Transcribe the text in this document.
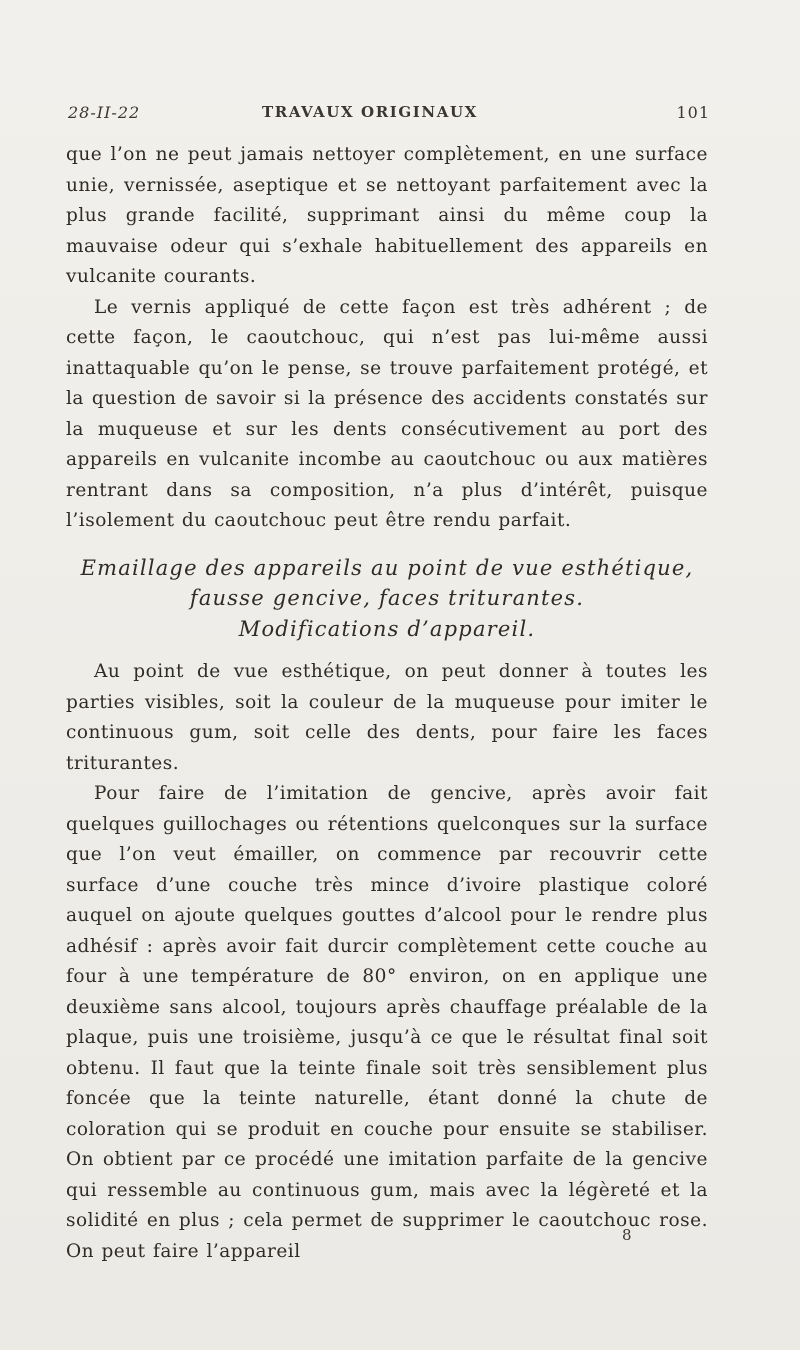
28-II-22	TRAVAUX ORIGINAUX	101

que l’on ne peut jamais nettoyer complètement, en une surface unie, vernissée, aseptique et se nettoyant parfaitement avec la plus grande facilité, supprimant ainsi du même coup la mauvaise odeur qui s’exhale habituellement des appareils en vulcanite courants.

Le vernis appliqué de cette façon est très adhérent ; de cette façon, le caoutchouc, qui n’est pas lui-même aussi inattaquable qu’on le pense, se trouve parfaitement protégé, et la question de savoir si la présence des accidents constatés sur la muqueuse et sur les dents consécutivement au port des appareils en vulcanite incombe au caoutchouc ou aux matières rentrant dans sa composition, n’a plus d’intérêt, puisque l’isolement du caoutchouc peut être rendu parfait.

Emaillage des appareils au point de vue esthétique,
fausse gencive, faces triturantes.
Modifications d’appareil.

Au point de vue esthétique, on peut donner à toutes les parties visibles, soit la couleur de la muqueuse pour imiter le continuous gum, soit celle des dents, pour faire les faces triturantes.

Pour faire de l’imitation de gencive, après avoir fait quelques guillochages ou rétentions quelconques sur la surface que l’on veut émailler, on commence par recouvrir cette surface d’une couche très mince d’ivoire plastique coloré auquel on ajoute quelques gouttes d’alcool pour le rendre plus adhésif : après avoir fait durcir complètement cette couche au four à une température de 80° environ, on en applique une deuxième sans alcool, toujours après chauffage préalable de la plaque, puis une troisième, jusqu’à ce que le résultat final soit obtenu. Il faut que la teinte finale soit très sensiblement plus foncée que la teinte naturelle, étant donné la chute de coloration qui se produit en couche pour ensuite se stabiliser. On obtient par ce procédé une imitation parfaite de la gencive qui ressemble au continuous gum, mais avec la légèreté et la solidité en plus ; cela permet de supprimer le caoutchouc rose. On peut faire l’appareil

8
